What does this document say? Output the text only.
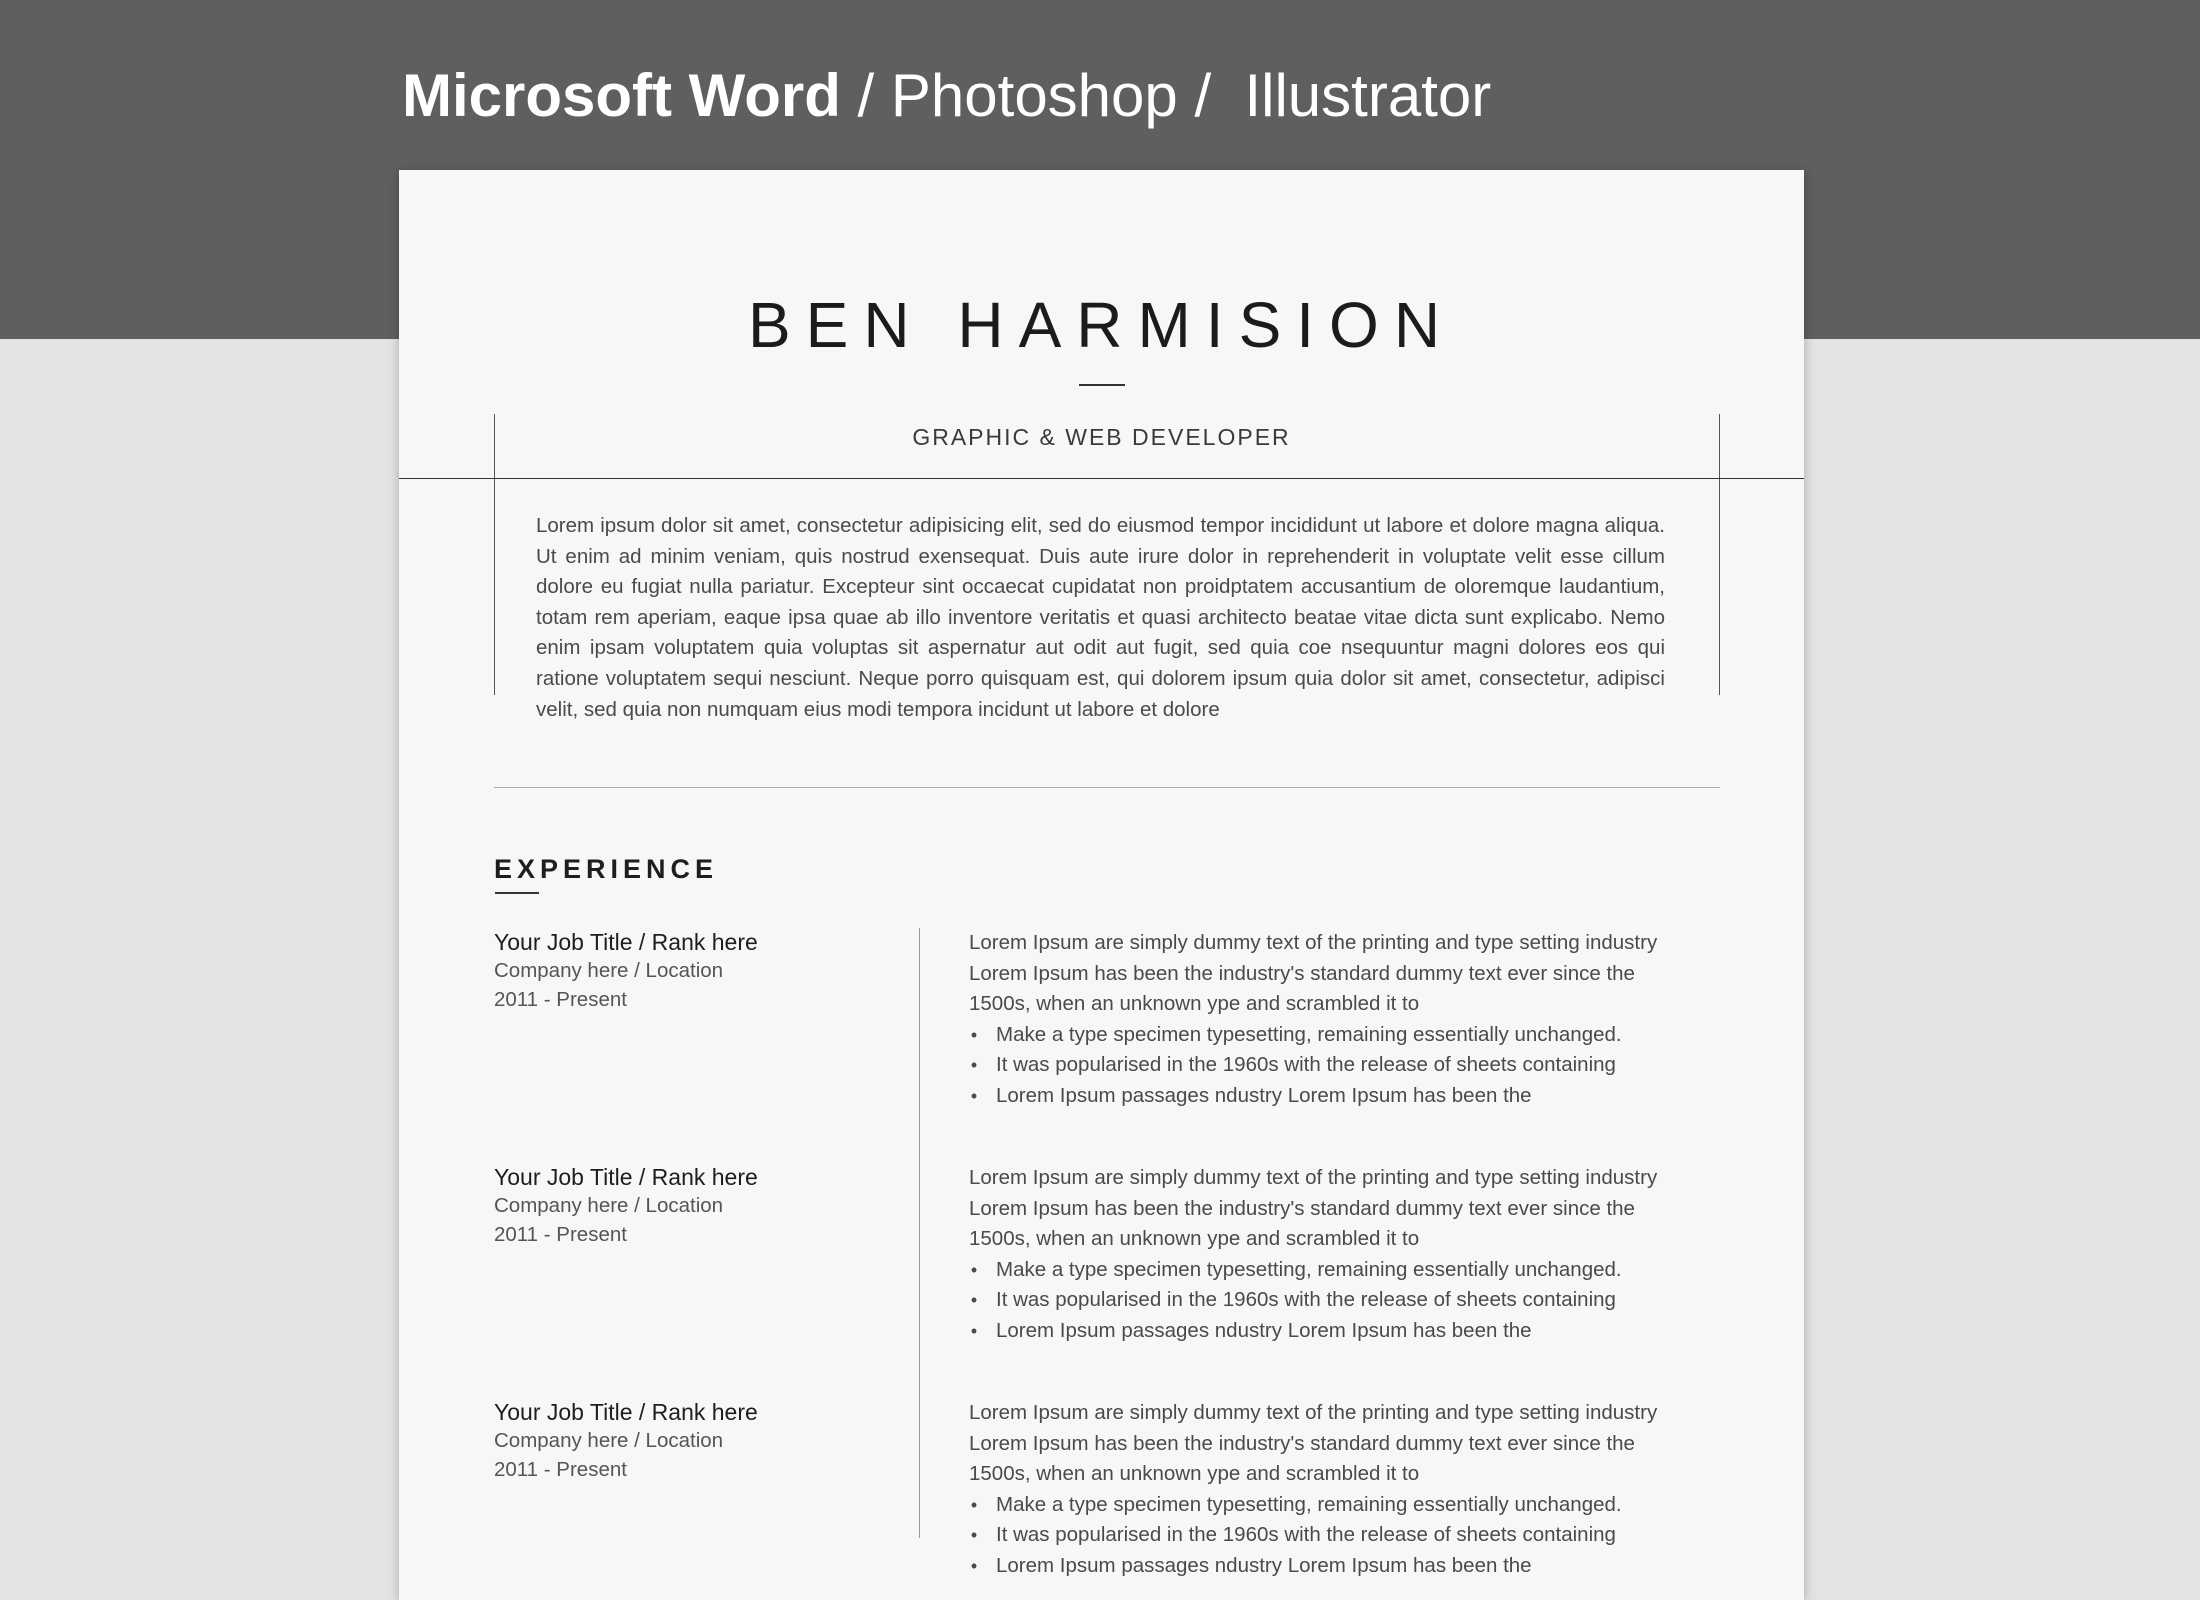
Microsoft Word / Photoshop /  Illustrator
BEN HARMISION
GRAPHIC & WEB DEVELOPER

Lorem ipsum dolor sit amet, consectetur adipisicing elit, sed do eiusmod tempor incididunt ut labore et dolore magna aliqua. Ut enim ad minim veniam, quis nostrud exensequat. Duis aute irure dolor in reprehenderit in voluptate velit esse cillum dolore eu fugiat nulla pariatur. Excepteur sint occaecat cupidatat non proidptatem accusantium de oloremque laudantium, totam rem aperiam, eaque ipsa quae ab illo inventore veritatis et quasi architecto beatae vitae dicta sunt explicabo. Nemo enim ipsam voluptatem quia voluptas sit aspernatur aut odit aut fugit, sed quia coe nsequuntur magni dolores eos qui ratione voluptatem sequi nesciunt. Neque porro quisquam est, qui dolorem ipsum quia dolor sit amet, consectetur, adipisci velit, sed quia non numquam eius modi tempora incidunt ut labore et dolore

EXPERIENCE
Your Job Title / Rank here
Company here / Location
2011 - Present

Lorem Ipsum are simply dummy text of the printing and type setting industry

Lorem Ipsum has been the industry's standard dummy text ever since the

1500s, when an unknown ype and scrambled it to

• Make a type specimen typesetting, remaining essentially unchanged.
• It was popularised in the 1960s with the release of sheets containing
• Lorem Ipsum passages ndustry Lorem Ipsum has been the
Your Job Title / Rank here
Company here / Location
2011 - Present

Lorem Ipsum are simply dummy text of the printing and type setting industry

Lorem Ipsum has been the industry's standard dummy text ever since the

1500s, when an unknown ype and scrambled it to

• Make a type specimen typesetting, remaining essentially unchanged.
• It was popularised in the 1960s with the release of sheets containing
• Lorem Ipsum passages ndustry Lorem Ipsum has been the
Your Job Title / Rank here
Company here / Location
2011 - Present

Lorem Ipsum are simply dummy text of the printing and type setting industry

Lorem Ipsum has been the industry's standard dummy text ever since the

1500s, when an unknown ype and scrambled it to

• Make a type specimen typesetting, remaining essentially unchanged.
• It was popularised in the 1960s with the release of sheets containing
• Lorem Ipsum passages ndustry Lorem Ipsum has been the
